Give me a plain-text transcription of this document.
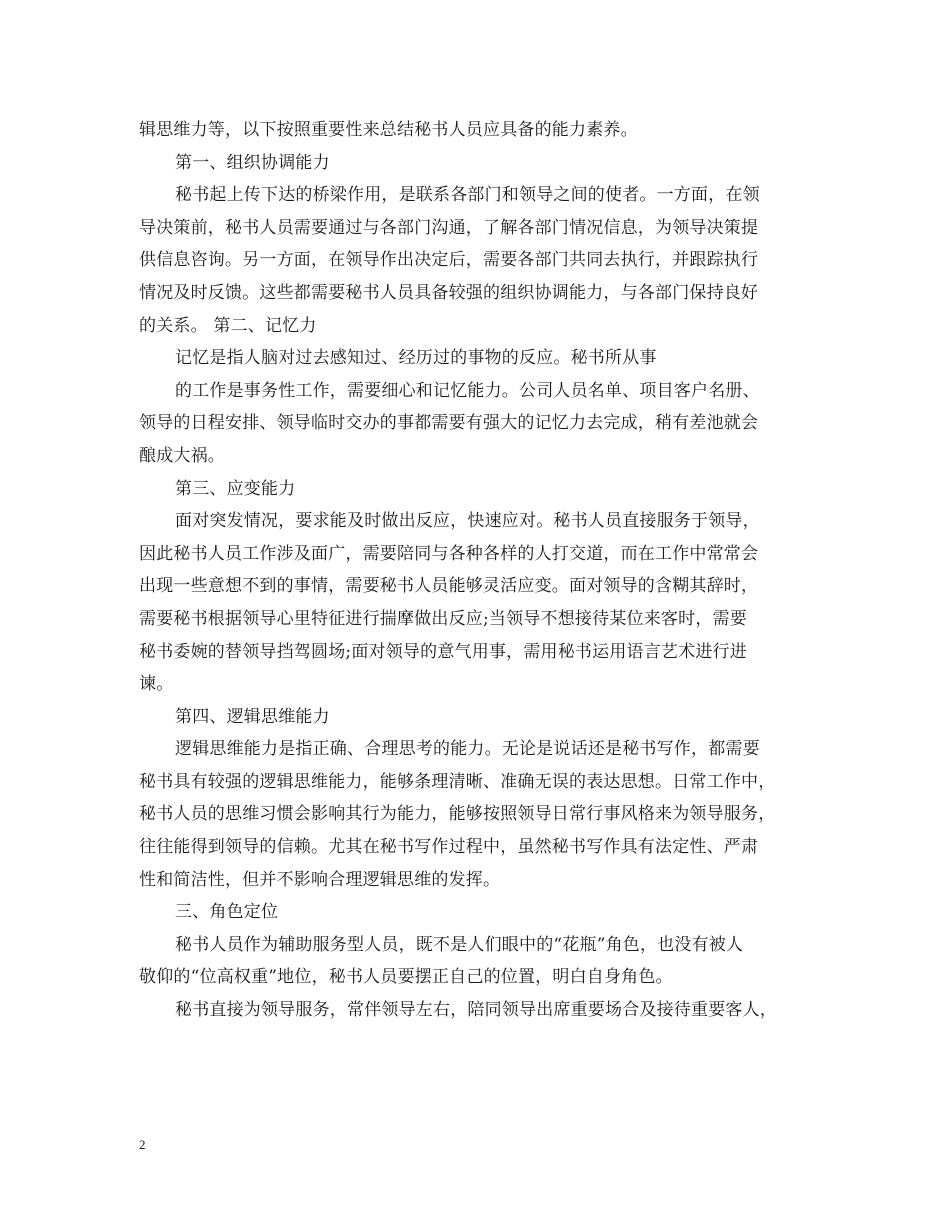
辑思维力等，以下按照重要性来总结秘书人员应具备的能力素养。
第一、组织协调能力
秘书起上传下达的桥梁作用，是联系各部门和领导之间的使者。一方面，在领
导决策前，秘书人员需要通过与各部门沟通，了解各部门情况信息，为领导决策提
供信息咨询。另一方面，在领导作出决定后，需要各部门共同去执行，并跟踪执行
情况及时反馈。这些都需要秘书人员具备较强的组织协调能力，与各部门保持良好
的关系。 第二、记忆力
记忆是指人脑对过去感知过、经历过的事物的反应。秘书所从事
的工作是事务性工作，需要细心和记忆能力。公司人员名单、项目客户名册、
领导的日程安排、领导临时交办的事都需要有强大的记忆力去完成，稍有差池就会
酿成大祸。
第三、应变能力
面对突发情况，要求能及时做出反应，快速应对。秘书人员直接服务于领导，
因此秘书人员工作涉及面广，需要陪同与各种各样的人打交道，而在工作中常常会
出现一些意想不到的事情，需要秘书人员能够灵活应变。面对领导的含糊其辞时，
需要秘书根据领导心里特征进行揣摩做出反应;当领导不想接待某位来客时，需要
秘书委婉的替领导挡驾圆场;面对领导的意气用事，需用秘书运用语言艺术进行进
谏。
第四、逻辑思维能力
逻辑思维能力是指正确、合理思考的能力。无论是说话还是秘书写作，都需要
秘书具有较强的逻辑思维能力，能够条理清晰、准确无误的表达思想。日常工作中，
秘书人员的思维习惯会影响其行为能力，能够按照领导日常行事风格来为领导服务，
往往能得到领导的信赖。尤其在秘书写作过程中，虽然秘书写作具有法定性、严肃
性和简洁性，但并不影响合理逻辑思维的发挥。
三、角色定位
秘书人员作为辅助服务型人员，既不是人们眼中的“花瓶”角色，也没有被人
敬仰的“位高权重”地位，秘书人员要摆正自己的位置，明白自身角色。
秘书直接为领导服务，常伴领导左右，陪同领导出席重要场合及接待重要客人，
2
